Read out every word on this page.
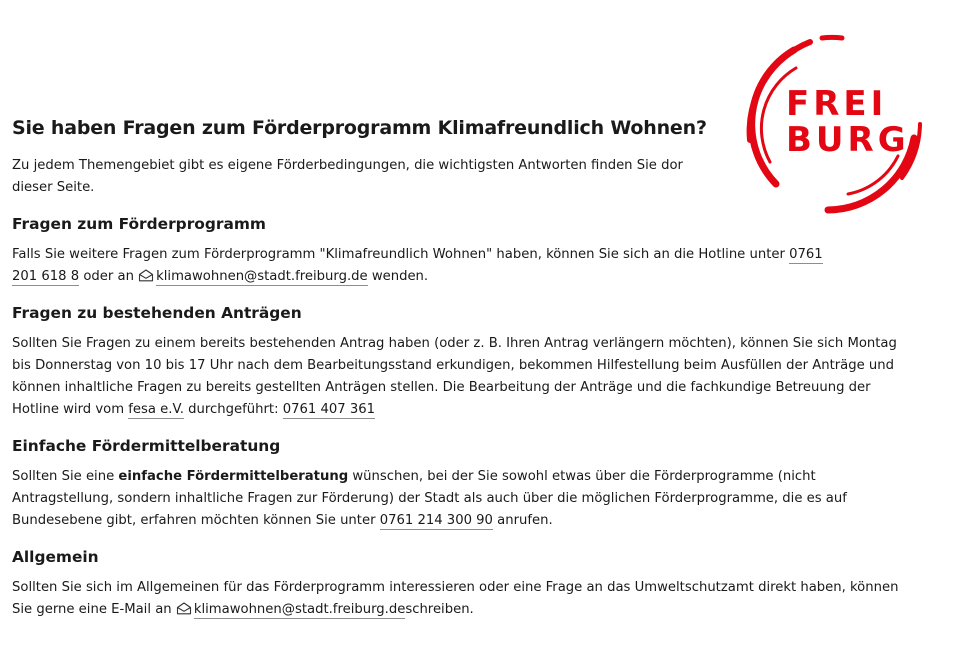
FREI
BURG
Sie haben Fragen zum Förderprogramm Klimafreundlich Wohnen?

Zu jedem Themengebiet gibt es eigene Förderbedingungen, die wichtigsten Antworten finden Sie dor
dieser Seite.

Fragen zum Förderprogramm

Falls Sie weitere Fragen zum Förderprogramm "Klimafreundlich Wohnen" haben, können Sie sich an die Hotline unter 0761
201 618 8 oder an klimawohnen@stadt.freiburg.de wenden.

Fragen zu bestehenden Anträgen

Sollten Sie Fragen zu einem bereits bestehenden Antrag haben (oder z. B. Ihren Antrag verlängern möchten), können Sie sich Montag bis Donnerstag von 10 bis 17 Uhr nach dem Bearbeitungsstand erkundigen, bekommen Hilfestellung beim Ausfüllen der Anträge und können inhaltliche Fragen zu bereits gestellten Anträgen stellen. Die Bearbeitung der Anträge und die fachkundige Betreuung der Hotline wird vom fesa e.V. durchgeführt: 0761 407 361

Einfache Fördermittelberatung

Sollten Sie eine einfache Fördermittelberatung wünschen, bei der Sie sowohl etwas über die Förderprogramme (nicht Antragstellung, sondern inhaltliche Fragen zur Förderung) der Stadt als auch über die möglichen Förderprogramme, die es auf Bundesebene gibt, erfahren möchten können Sie unter 0761 214 300 90 anrufen.

Allgemein

Sollten Sie sich im Allgemeinen für das Förderprogramm interessieren oder eine Frage an das Umweltschutzamt direkt haben, können Sie gerne eine E-Mail an klimawohnen@stadt.freiburg.deschreiben.
